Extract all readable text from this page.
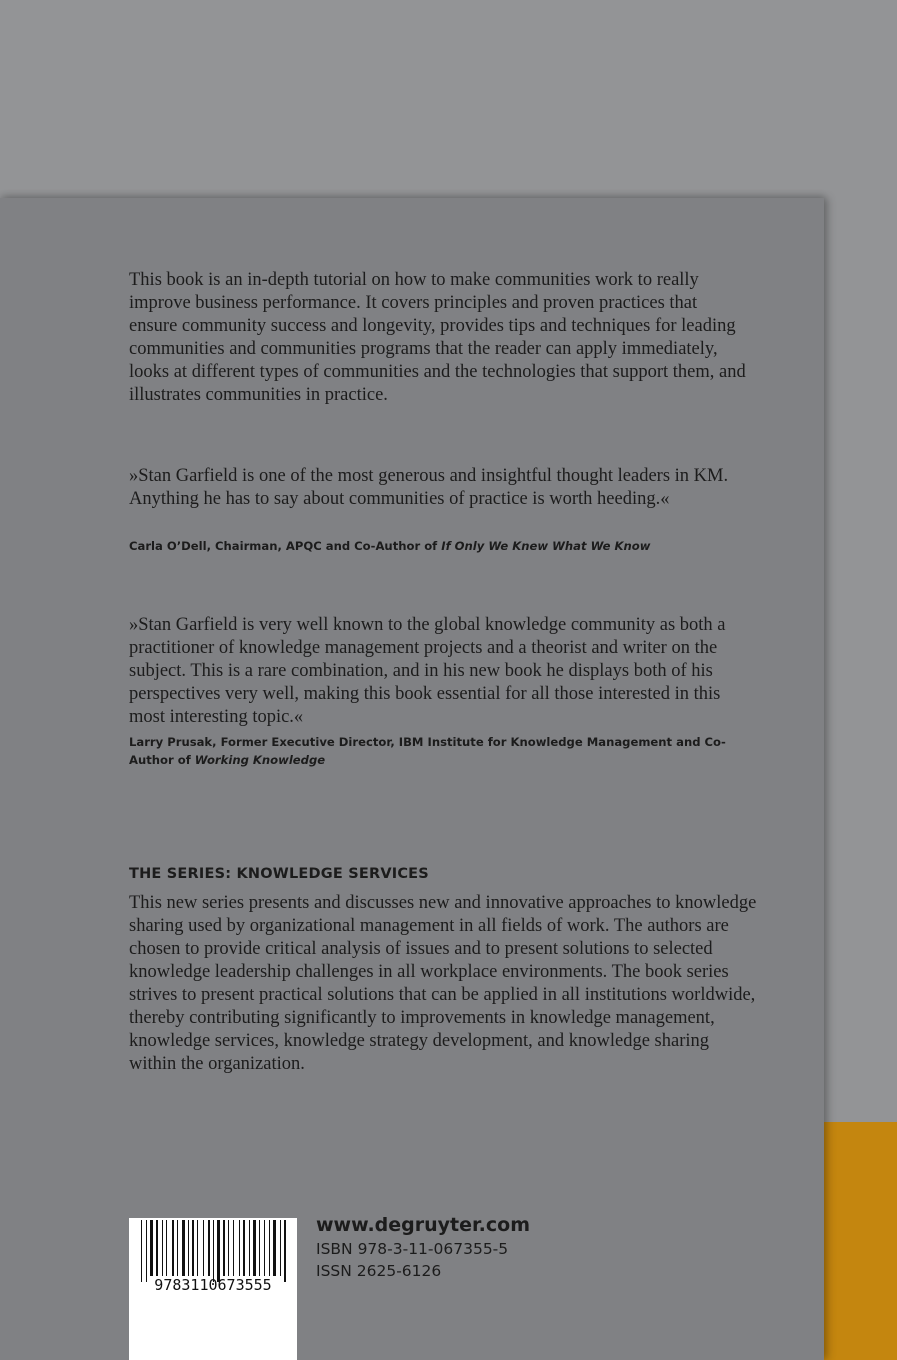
This book is an in-depth tutorial on how to make communities work to really improve business performance. It covers principles and proven practices that ensure community success and longevity, provides tips and techniques for leading communities and communities programs that the reader can apply immediately, looks at different types of communities and the technologies that support them, and illustrates communities in practice.

»Stan Garfield is one of the most generous and insightful thought leaders in KM. Anything he has to say about communities of practice is worth heeding.«

Carla O’Dell, Chairman, APQC and Co-Author of If Only We Knew What We Know

»Stan Garfield is very well known to the global knowledge community as both a practitioner of knowledge management projects and a theorist and writer on the subject. This is a rare combination, and in his new book he displays both of his perspectives very well, making this book essential for all those interested in this most interesting topic.«

Larry Prusak, Former Executive Director, IBM Institute for Knowledge Management and Co-Author of Working Knowledge

THE SERIES: KNOWLEDGE SERVICES

This new series presents and discusses new and innovative approaches to knowledge sharing used by organizational management in all fields of work. The authors are chosen to provide critical analysis of issues and to present solutions to selected knowledge leadership challenges in all workplace environments. The book series strives to present practical solutions that can be applied in all institutions worldwide, thereby contributing significantly to improvements in knowledge management, knowledge services, knowledge strategy development, and knowledge sharing within the organization.

9783110673555
www.degruyter.com
ISBN 978-3-11-067355-5
ISSN 2625-6126
